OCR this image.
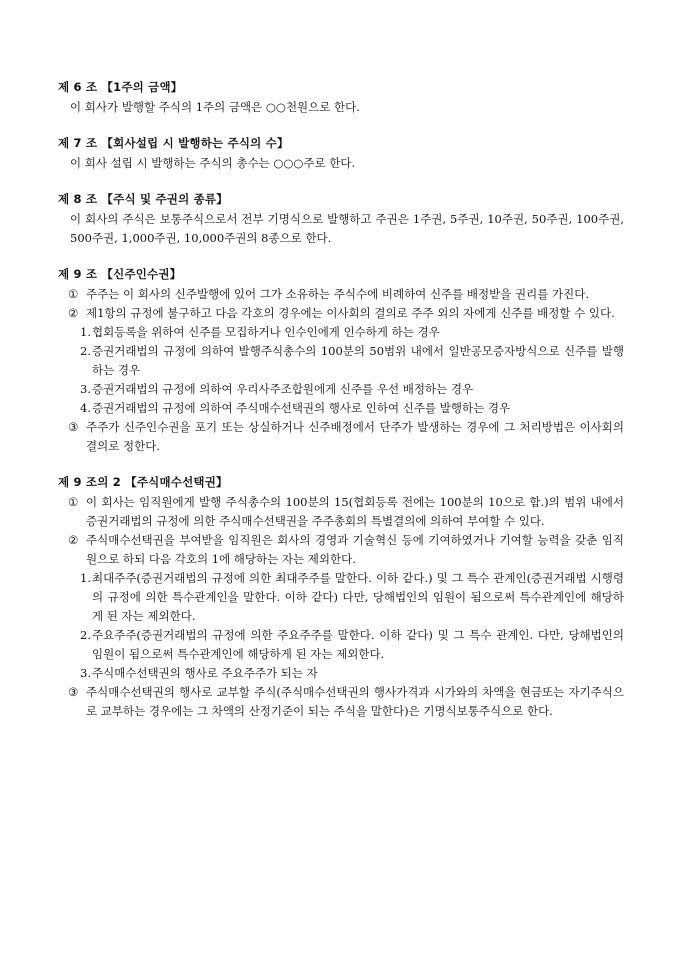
제 6 조 【1주의 금액】

이 회사가 발행할 주식의 1주의 금액은 ○○천원으로 한다.

제 7 조 【회사설립 시 발행하는 주식의 수】

이 회사 설립 시 발행하는 주식의 총수는 ○○○주로 한다.

제 8 조 【주식 및 주권의 종류】

이 회사의 주식은 보통주식으로서 전부 기명식으로 발행하고 주권은 1주권, 5주권, 10주권, 50주권, 100주권, 500주권, 1,000주권, 10,000주권의 8종으로 한다.

제 9 조 【신주인수권】
① 주주는 이 회사의 신주발행에 있어 그가 소유하는 주식수에 비례하여 신주를 배정받을 권리를 가진다.
② 제1항의 규정에 불구하고 다음 각호의 경우에는 이사회의 결의로 주주 외의 자에게 신주를 배정할 수 있다.
1. 협회등록을 위하여 신주를 모집하거나 인수인에게 인수하게 하는 경우
2. 증권거래법의 규정에 의하여 발행주식총수의 100분의 50범위 내에서 일반공모증자방식으로 신주를 발행하는 경우
3. 증권거래법의 규정에 의하여 우리사주조합원에게 신주를 우선 배정하는 경우
4. 증권거래법의 규정에 의하여 주식매수선택권의 행사로 인하여 신주를 발행하는 경우
③ 주주가 신주인수권을 포기 또는 상실하거나 신주배정에서 단주가 발생하는 경우에 그 처리방법은 이사회의 결의로 정한다.
제 9 조의 2 【주식매수선택권】
① 이 회사는 임직원에게 발행 주식총수의 100분의 15(협회등록 전에는 100분의 10으로 함.)의 범위 내에서 증권거래법의 규정에 의한 주식매수선택권을 주주총회의 특별결의에 의하여 부여할 수 있다.
② 주식매수선택권을 부여받을 임직원은 회사의 경영과 기술혁신 등에 기여하였거나 기여할 능력을 갖춘 임직원으로 하되 다음 각호의 1에 해당하는 자는 제외한다.
1. 최대주주(증권거래법의 규정에 의한 최대주주를 말한다. 이하 같다.) 및 그 특수 관계인(증권거래법 시행령의 규정에 의한 특수관계인을 말한다. 이하 같다) 다만, 당해법인의 임원이 됨으로써 특수관계인에 해당하게 된 자는 제외한다.
2. 주요주주(증권거래법의 규정에 의한 주요주주를 말한다. 이하 같다) 및 그 특수 관계인. 다만, 당해법인의 임원이 됨으로써 특수관계인에 해당하게 된 자는 제외한다.
3. 주식매수선택권의 행사로 주요주주가 되는 자
③ 주식매수선택권의 행사로 교부할 주식(주식매수선택권의 행사가격과 시가와의 차액을 현금또는 자기주식으로 교부하는 경우에는 그 차액의 산정기준이 되는 주식을 말한다)은 기명식보통주식으로 한다.
